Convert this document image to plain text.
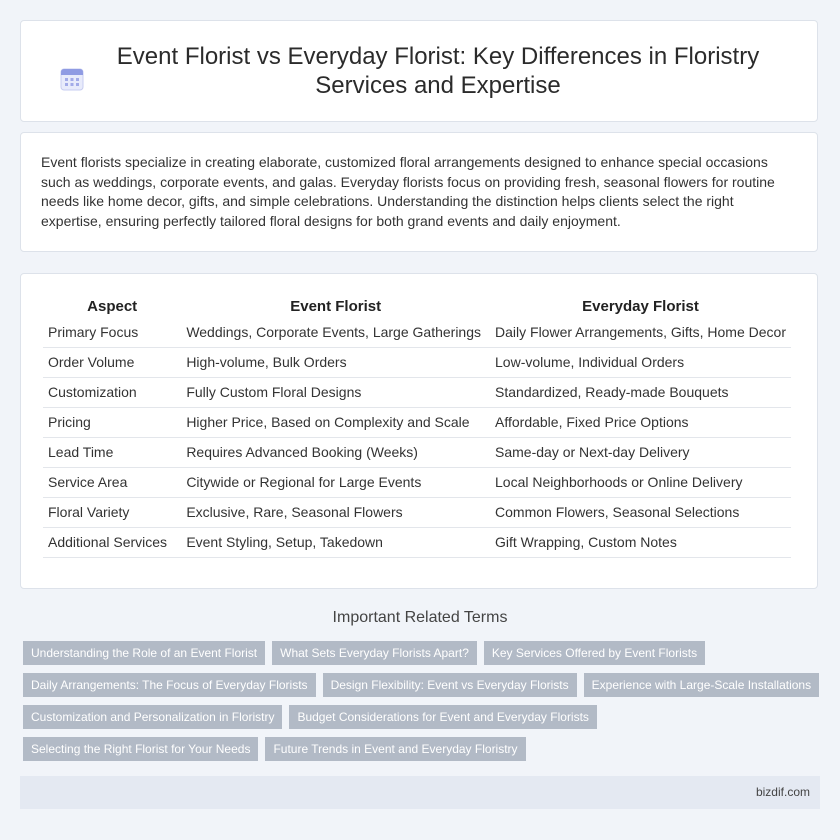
Event Florist vs Everyday Florist: Key Differences in Floristry Services and Expertise

Event florists specialize in creating elaborate, customized floral arrangements designed to enhance special occasions such as weddings, corporate events, and galas. Everyday florists focus on providing fresh, seasonal flowers for routine needs like home decor, gifts, and simple celebrations. Understanding the distinction helps clients select the right expertise, ensuring perfectly tailored floral designs for both grand events and daily enjoyment.

Aspect	Event Florist	Everyday Florist
Primary Focus	Weddings, Corporate Events, Large Gatherings	Daily Flower Arrangements, Gifts, Home Decor
Order Volume	High-volume, Bulk Orders	Low-volume, Individual Orders
Customization	Fully Custom Floral Designs	Standardized, Ready-made Bouquets
Pricing	Higher Price, Based on Complexity and Scale	Affordable, Fixed Price Options
Lead Time	Requires Advanced Booking (Weeks)	Same-day or Next-day Delivery
Service Area	Citywide or Regional for Large Events	Local Neighborhoods or Online Delivery
Floral Variety	Exclusive, Rare, Seasonal Flowers	Common Flowers, Seasonal Selections
Additional Services	Event Styling, Setup, Takedown	Gift Wrapping, Custom Notes
Important Related Terms
Understanding the Role of an Event Florist	What Sets Everyday Florists Apart?	Key Services Offered by Event Florists
Daily Arrangements: The Focus of Everyday Florists	Design Flexibility: Event vs Everyday Florists	Experience with Large-Scale Installations
Customization and Personalization in Floristry	Budget Considerations for Event and Everyday Florists
Selecting the Right Florist for Your Needs	Future Trends in Event and Everyday Floristry
bizdif.com
